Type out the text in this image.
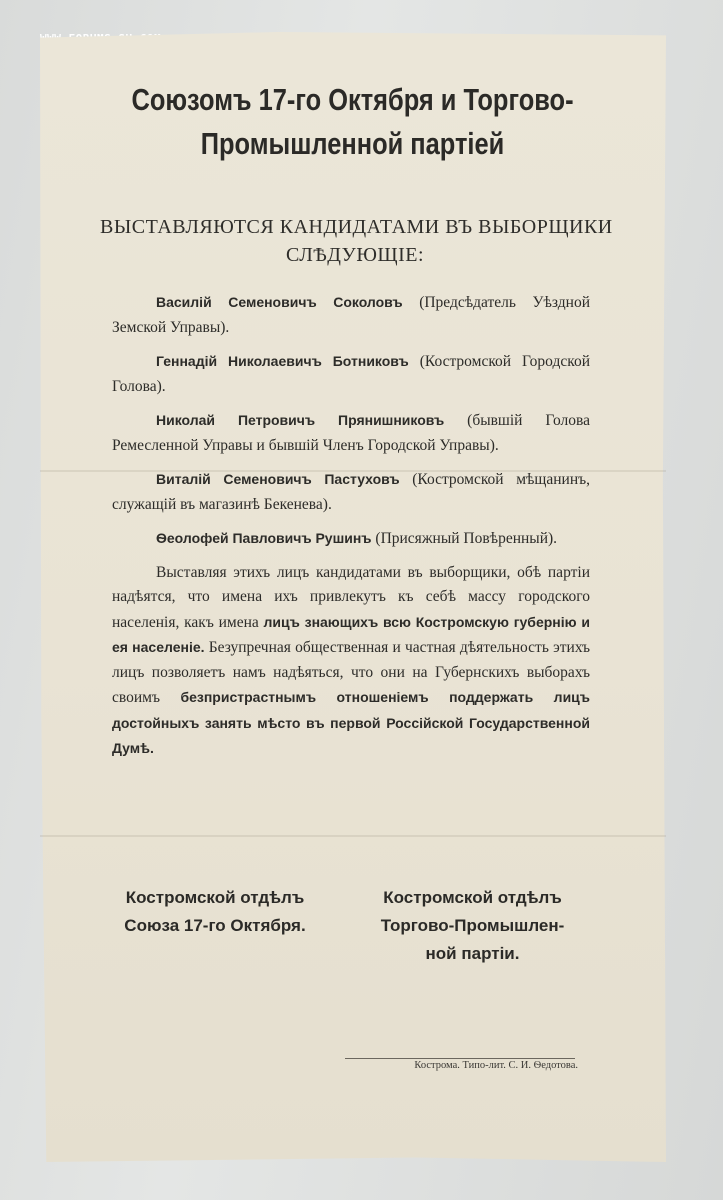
Союзомъ 17-го Октября и Торгово-
Промышленной партіей
ВЫСТАВЛЯЮТСЯ КАНДИДАТАМИ ВЪ ВЫБОРЩИКИ
СЛѢДУЮЩІЕ:
Василій Семеновичъ Соколовъ (Предсѣдатель Уѣздной Земской Управы).
Геннадій Николаевичъ Ботниковъ (Костромской Городской Голова).
Николай Петровичъ Прянишниковъ (бывшій Голова Ремесленной Управы и бывшій Членъ Городской Управы).
Виталій Семеновичъ Пастуховъ (Костромской мѣщанинъ, служащій въ магазинѣ Бекенева).
Ѳеолофей Павловичъ Рушинъ (Присяжный Повѣренный).
Выставляя этихъ лицъ кандидатами въ выборщики, обѣ партіи надѣятся, что имена ихъ привлекутъ къ себѣ массу городского населенія, какъ имена лицъ знающихъ всю Костромскую губернію и ея населеніе. Безупречная общественная и частная дѣятельность этихъ лицъ позволяетъ намъ надѣяться, что они на Губернскихъ выборахъ своимъ безпристрастнымъ отношеніемъ поддержать лицъ достойныхъ занять мѣсто въ первой Россійской Государственной Думѣ.
Костромской отдѣлъ
Союза 17-го Октября.
Костромской отдѣлъ
Торгово-Промышлен-
ной партіи.
Кострома. Типо-лит. С. И. Ѳедотова.
